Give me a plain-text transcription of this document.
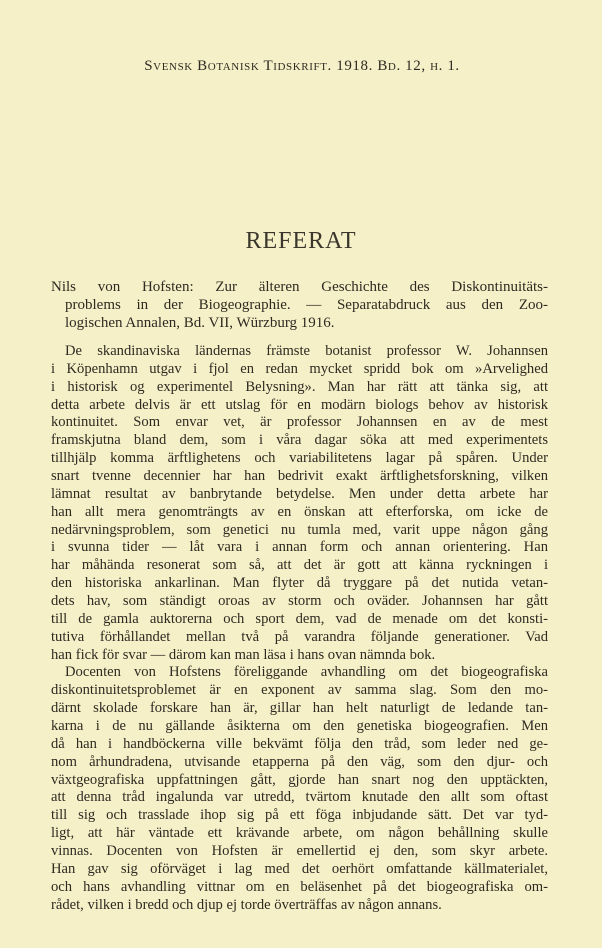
Svensk Botanisk Tidskrift. 1918. Bd. 12, h. 1.
REFERAT
Nils von Hofsten: Zur älteren Geschichte des Diskontinuitäts-
problems in der Biogeographie. — Separatabdruck aus den Zoo-
logischen Annalen, Bd. VII, Würzburg 1916.
De skandinaviska ländernas främste botanist professor W. Johannsen
i Köpenhamn utgav i fjol en redan mycket spridd bok om »Arvelighed
i historisk og experimentel Belysning». Man har rätt att tänka sig, att
detta arbete delvis är ett utslag för en modärn biologs behov av historisk
kontinuitet. Som envar vet, är professor Johannsen en av de mest
framskjutna bland dem, som i våra dagar söka att med experimentets
tillhjälp komma ärftlighetens och variabilitetens lagar på spåren. Under
snart tvenne decennier har han bedrivit exakt ärftlighetsforskning, vilken
lämnat resultat av banbrytande betydelse. Men under detta arbete har
han allt mera genomträngts av en önskan att efterforska, om icke de
nedärvningsproblem, som genetici nu tumla med, varit uppe någon gång
i svunna tider — låt vara i annan form och annan orientering. Han
har måhända resonerat som så, att det är gott att känna ryckningen i
den historiska ankarlinan. Man flyter då tryggare på det nutida vetan-
dets hav, som ständigt oroas av storm och oväder. Johannsen har gått
till de gamla auktorerna och sport dem, vad de menade om det konsti-
tutiva förhållandet mellan två på varandra följande generationer. Vad
han fick för svar — därom kan man läsa i hans ovan nämnda bok.
Docenten von Hofstens föreliggande avhandling om det biogeografiska
diskontinuitetsproblemet är en exponent av samma slag. Som den mo-
därnt skolade forskare han är, gillar han helt naturligt de ledande tan-
karna i de nu gällande åsikterna om den genetiska biogeografien. Men
då han i handböckerna ville bekvämt följa den tråd, som leder ned ge-
nom århundradena, utvisande etapperna på den väg, som den djur- och
växtgeografiska uppfattningen gått, gjorde han snart nog den upptäckten,
att denna tråd ingalunda var utredd, tvärtom knutade den allt som oftast
till sig och trasslade ihop sig på ett föga inbjudande sätt. Det var tyd-
ligt, att här väntade ett krävande arbete, om någon behållning skulle
vinnas. Docenten von Hofsten är emellertid ej den, som skyr arbete.
Han gav sig oförväget i lag med det oerhört omfattande källmaterialet,
och hans avhandling vittnar om en beläsenhet på det biogeografiska om-
rådet, vilken i bredd och djup ej torde överträffas av någon annans.
